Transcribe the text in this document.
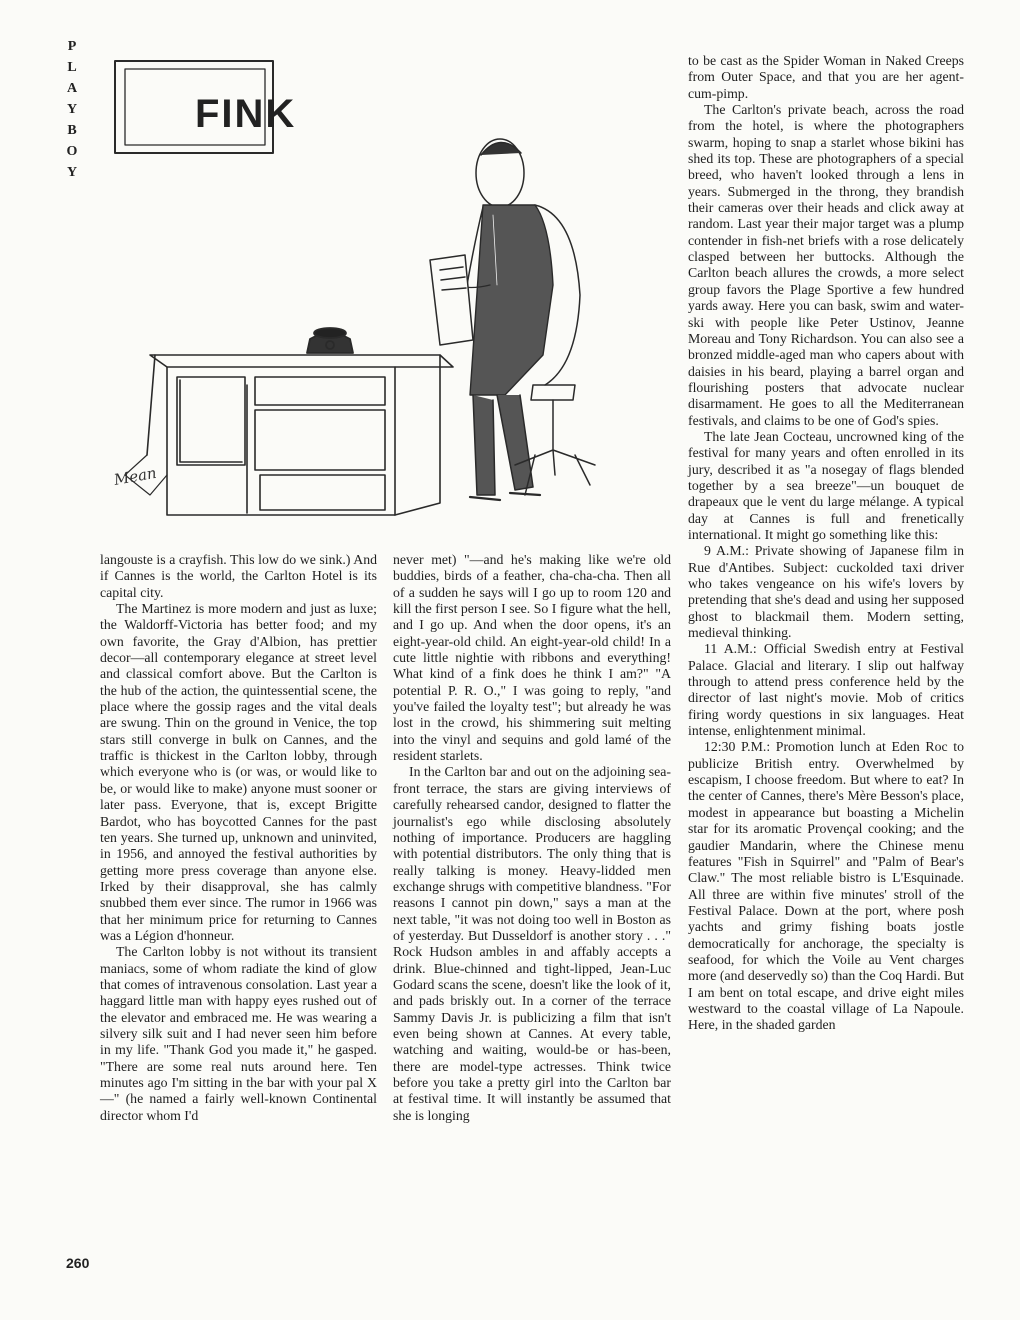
P
L
A
Y
B
O
Y
FINK
Mean

langouste is a crayfish. This low do we sink.) And if Cannes is the world, the Carlton Hotel is its capital city.

The Martinez is more modern and just as luxe; the Waldorff-Victoria has better food; and my own favorite, the Gray d'Albion, has prettier decor—all contemporary elegance at street level and classical comfort above. But the Carlton is the hub of the action, the quintessential scene, the place where the gossip rages and the vital deals are swung. Thin on the ground in Venice, the top stars still converge in bulk on Cannes, and the traffic is thickest in the Carlton lobby, through which everyone who is (or was, or would like to be, or would like to make) anyone must sooner or later pass. Everyone, that is, except Brigitte Bardot, who has boycotted Cannes for the past ten years. She turned up, unknown and uninvited, in 1956, and annoyed the festival authorities by getting more press coverage than anyone else. Irked by their disapproval, she has calmly snubbed them ever since. The rumor in 1966 was that her minimum price for returning to Cannes was a Légion d'honneur.

The Carlton lobby is not without its transient maniacs, some of whom radiate the kind of glow that comes of intravenous consolation. Last year a haggard little man with happy eyes rushed out of the elevator and embraced me. He was wearing a silvery silk suit and I had never seen him before in my life. "Thank God you made it," he gasped. "There are some real nuts around here. Ten minutes ago I'm sitting in the bar with your pal X—" (he named a fairly well-known Continental director whom I'd

never met) "—and he's making like we're old buddies, birds of a feather, cha-cha-cha. Then all of a sudden he says will I go up to room 120 and kill the first person I see. So I figure what the hell, and I go up. And when the door opens, it's an eight-year-old child. An eight-year-old child! In a cute little nightie with ribbons and everything! What kind of a fink does he think I am?" "A potential P. R. O.," I was going to reply, "and you've failed the loyalty test"; but already he was lost in the crowd, his shimmering suit melting into the vinyl and sequins and gold lamé of the resident starlets.

In the Carlton bar and out on the adjoining sea-front terrace, the stars are giving interviews of carefully rehearsed candor, designed to flatter the journalist's ego while disclosing absolutely nothing of importance. Producers are haggling with potential distributors. The only thing that is really talking is money. Heavy-lidded men exchange shrugs with competitive blandness. "For reasons I cannot pin down," says a man at the next table, "it was not doing too well in Boston as of yesterday. But Dusseldorf is another story . . ." Rock Hudson ambles in and affably accepts a drink. Blue-chinned and tight-lipped, Jean-Luc Godard scans the scene, doesn't like the look of it, and pads briskly out. In a corner of the terrace Sammy Davis Jr. is publicizing a film that isn't even being shown at Cannes. At every table, watching and waiting, would-be or has-been, there are model-type actresses. Think twice before you take a pretty girl into the Carlton bar at festival time. It will instantly be assumed that she is longing

to be cast as the Spider Woman in Naked Creeps from Outer Space, and that you are her agent-cum-pimp.

The Carlton's private beach, across the road from the hotel, is where the photographers swarm, hoping to snap a starlet whose bikini has shed its top. These are photographers of a special breed, who haven't looked through a lens in years. Submerged in the throng, they brandish their cameras over their heads and click away at random. Last year their major target was a plump contender in fish-net briefs with a rose delicately clasped between her buttocks. Although the Carlton beach allures the crowds, a more select group favors the Plage Sportive a few hundred yards away. Here you can bask, swim and water-ski with people like Peter Ustinov, Jeanne Moreau and Tony Richardson. You can also see a bronzed middle-aged man who capers about with daisies in his beard, playing a barrel organ and flourishing posters that advocate nuclear disarmament. He goes to all the Mediterranean festivals, and claims to be one of God's spies.

The late Jean Cocteau, uncrowned king of the festival for many years and often enrolled in its jury, described it as "a nosegay of flags blended together by a sea breeze"—un bouquet de drapeaux que le vent du large mélange. A typical day at Cannes is full and frenetically international. It might go something like this:

9 A.M.: Private showing of Japanese film in Rue d'Antibes. Subject: cuckolded taxi driver who takes vengeance on his wife's lovers by pretending that she's dead and using her supposed ghost to blackmail them. Modern setting, medieval thinking.

11 A.M.: Official Swedish entry at Festival Palace. Glacial and literary. I slip out halfway through to attend press conference held by the director of last night's movie. Mob of critics firing wordy questions in six languages. Heat intense, enlightenment minimal.

12:30 P.M.: Promotion lunch at Eden Roc to publicize British entry. Overwhelmed by escapism, I choose freedom. But where to eat? In the center of Cannes, there's Mère Besson's place, modest in appearance but boasting a Michelin star for its aromatic Provençal cooking; and the gaudier Mandarin, where the Chinese menu features "Fish in Squirrel" and "Palm of Bear's Claw." The most reliable bistro is L'Esquinade. All three are within five minutes' stroll of the Festival Palace. Down at the port, where posh yachts and grimy fishing boats jostle democratically for anchorage, the specialty is seafood, for which the Voile au Vent charges more (and deservedly so) than the Coq Hardi. But I am bent on total escape, and drive eight miles westward to the coastal village of La Napoule. Here, in the shaded garden

260
